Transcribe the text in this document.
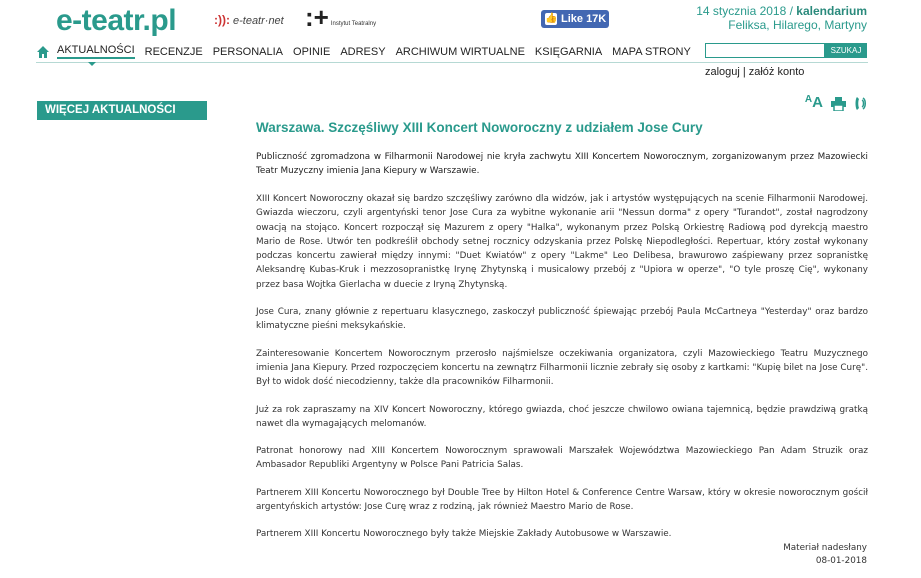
e-teatr.pl	:)): e-teatr·net :+ Instytut Teatralny	👍 Like 17K
14 stycznia 2018 / kalendarium
Feliksa, Hilarego, Martyny
AKTUALNOŚCI RECENZJE PERSONALIA OPINIE ADRESY ARCHIWUM WIRTUALNE KSIĘGARNIA MAPA STRONY	SZUKAJ
zaloguj | załóż konto
WIĘCEJ AKTUALNOŚCI
A A
Warszawa. Szczęśliwy XIII Koncert Noworoczny z udziałem Jose Cury

Publiczność zgromadzona w Filharmonii Narodowej nie kryła zachwytu XIII Koncertem Noworocznym, zorganizowanym przez Mazowiecki Teatr Muzyczny imienia Jana Kiepury w Warszawie.

XIII Koncert Noworoczny okazał się bardzo szczęśliwy zarówno dla widzów, jak i artystów występujących na scenie Filharmonii Narodowej. Gwiazda wieczoru, czyli argentyński tenor Jose Cura za wybitne wykonanie arii "Nessun dorma" z opery "Turandot", został nagrodzony owacją na stojąco. Koncert rozpoczął się Mazurem z opery "Halka", wykonanym przez Polską Orkiestrę Radiową pod dyrekcją maestro Mario de Rose. Utwór ten podkreślił obchody setnej rocznicy odzyskania przez Polskę Niepodległości. Repertuar, który został wykonany podczas koncertu zawierał między innymi: "Duet Kwiatów" z opery "Lakme" Leo Delibesa, brawurowo zaśpiewany przez sopranistkę Aleksandrę Kubas-Kruk i mezzosopranistkę Irynę Zhytynską i musicalowy przebój z "Upiora w operze", "O tyle proszę Cię", wykonany przez basa Wojtka Gierlacha w duecie z Iryną Zhytynską.

Jose Cura, znany głównie z repertuaru klasycznego, zaskoczył publiczność śpiewając przebój Paula McCartneya "Yesterday" oraz bardzo klimatyczne pieśni meksykańskie.

Zainteresowanie Koncertem Noworocznym przerosło najśmielsze oczekiwania organizatora, czyli Mazowieckiego Teatru Muzycznego imienia Jana Kiepury. Przed rozpoczęciem koncertu na zewnątrz Filharmonii licznie zebrały się osoby z kartkami: "Kupię bilet na Jose Curę". Był to widok dość niecodzienny, także dla pracowników Filharmonii.

Już za rok zapraszamy na XIV Koncert Noworoczny, którego gwiazda, choć jeszcze chwilowo owiana tajemnicą, będzie prawdziwą gratką nawet dla wymagających melomanów.

Patronat honorowy nad XIII Koncertem Noworocznym sprawowali Marszałek Województwa Mazowieckiego Pan Adam Struzik oraz Ambasador Republiki Argentyny w Polsce Pani Patricia Salas.

Partnerem XIII Koncertu Noworocznego był Double Tree by Hilton Hotel & Conference Centre Warsaw, który w okresie noworocznym gościł argentyńskich artystów: Jose Curę wraz z rodziną, jak również Maestro Mario de Rose.

Partnerem XIII Koncertu Noworocznego były także Miejskie Zakłady Autobusowe w Warszawie.

Materiał nadesłany
08-01-2018
